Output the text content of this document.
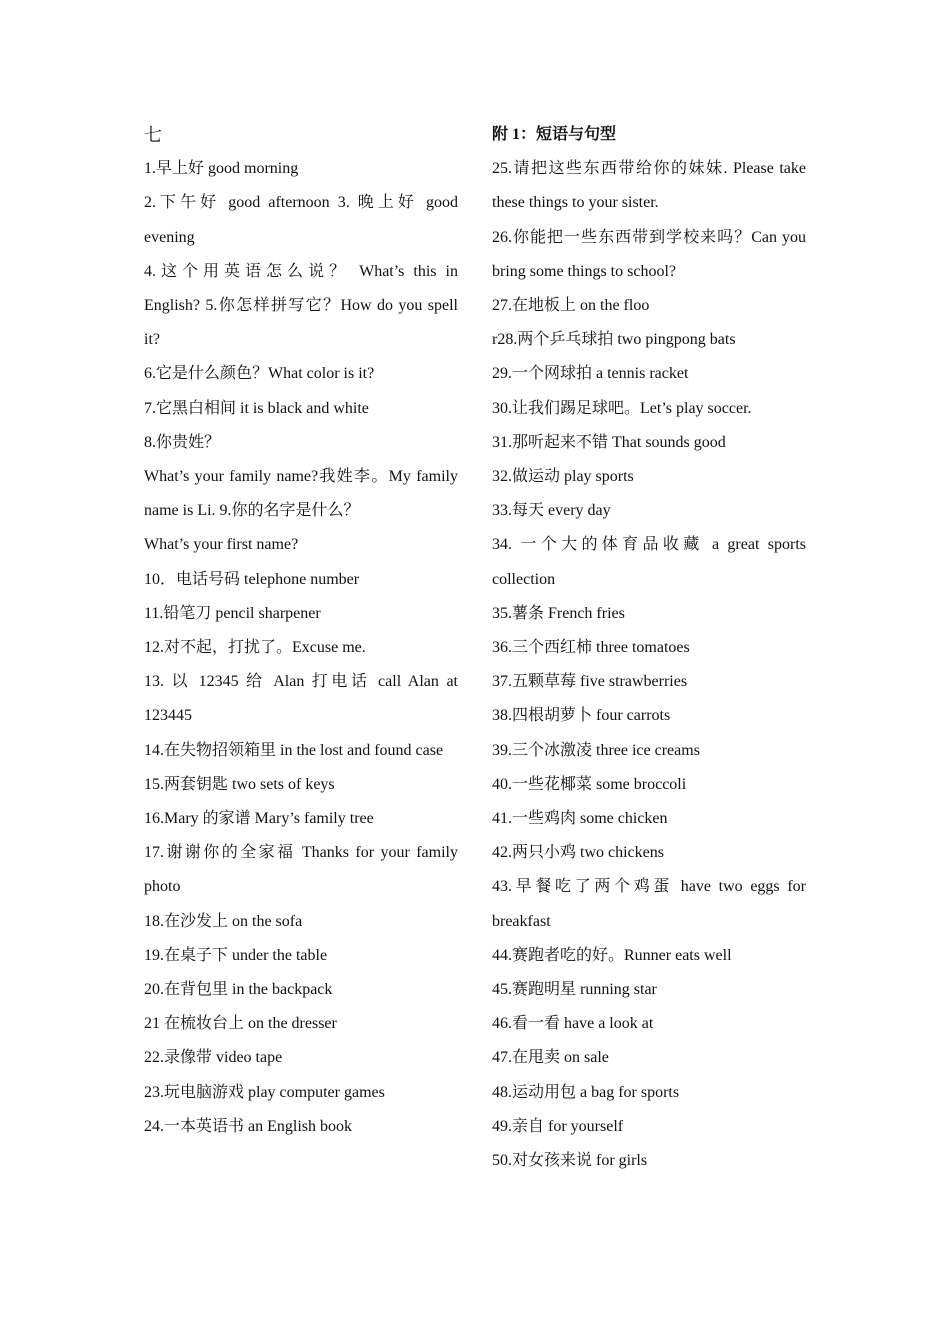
七
1.早上好 good morning
2.下午好 good afternoon 3. 晚上好 good
evening
4.这个用英语怎么说？ What’s this in
English? 5.你怎样拼写它？How do you spell
it?
6.它是什么颜色？What color is it?
7.它黑白相间 it is black and white
8.你贵姓？
What’s your family name?我姓李。My family
name is Li. 9.你的名字是什么？
What’s your first name?
10．电话号码 telephone number
11.铅笔刀 pencil sharpener
12.对不起，打扰了。Excuse me.
13. 以 12345 给 Alan 打电话 call Alan at
123445
14.在失物招领箱里 in the lost and found case
15.两套钥匙 two sets of keys
16.Mary 的家谱 Mary’s family tree
17.谢谢你的全家福 Thanks for your family
photo
18.在沙发上 on the sofa
19.在桌子下 under the table
20.在背包里 in the backpack
21 在梳妆台上 on the dresser
22.录像带 video tape
23.玩电脑游戏 play computer games
24.一本英语书 an English book
附 1：短语与句型
25.请把这些东西带给你的妹妹. Please take
these things to your sister.
26.你能把一些东西带到学校来吗？Can you
bring some things to school?
27.在地板上 on the floo
r28.两个乒乓球拍 two pingpong bats
29.一个网球拍 a tennis racket
30.让我们踢足球吧。Let’s play soccer.
31.那听起来不错 That sounds good
32.做运动 play sports
33.每天 every day
34. 一个大的体育品收藏 a great sports
collection
35.薯条 French fries
36.三个西红柿 three tomatoes
37.五颗草莓 five strawberries
38.四根胡萝卜 four carrots
39.三个冰激凌 three ice creams
40.一些花椰菜 some broccoli
41.一些鸡肉 some chicken
42.两只小鸡 two chickens
43.早餐吃了两个鸡蛋 have two eggs for
breakfast
44.赛跑者吃的好。Runner eats well
45.赛跑明星 running star
46.看一看 have a look at
47.在甩卖 on sale
48.运动用包 a bag for sports
49.亲自 for yourself
50.对女孩来说 for girls
